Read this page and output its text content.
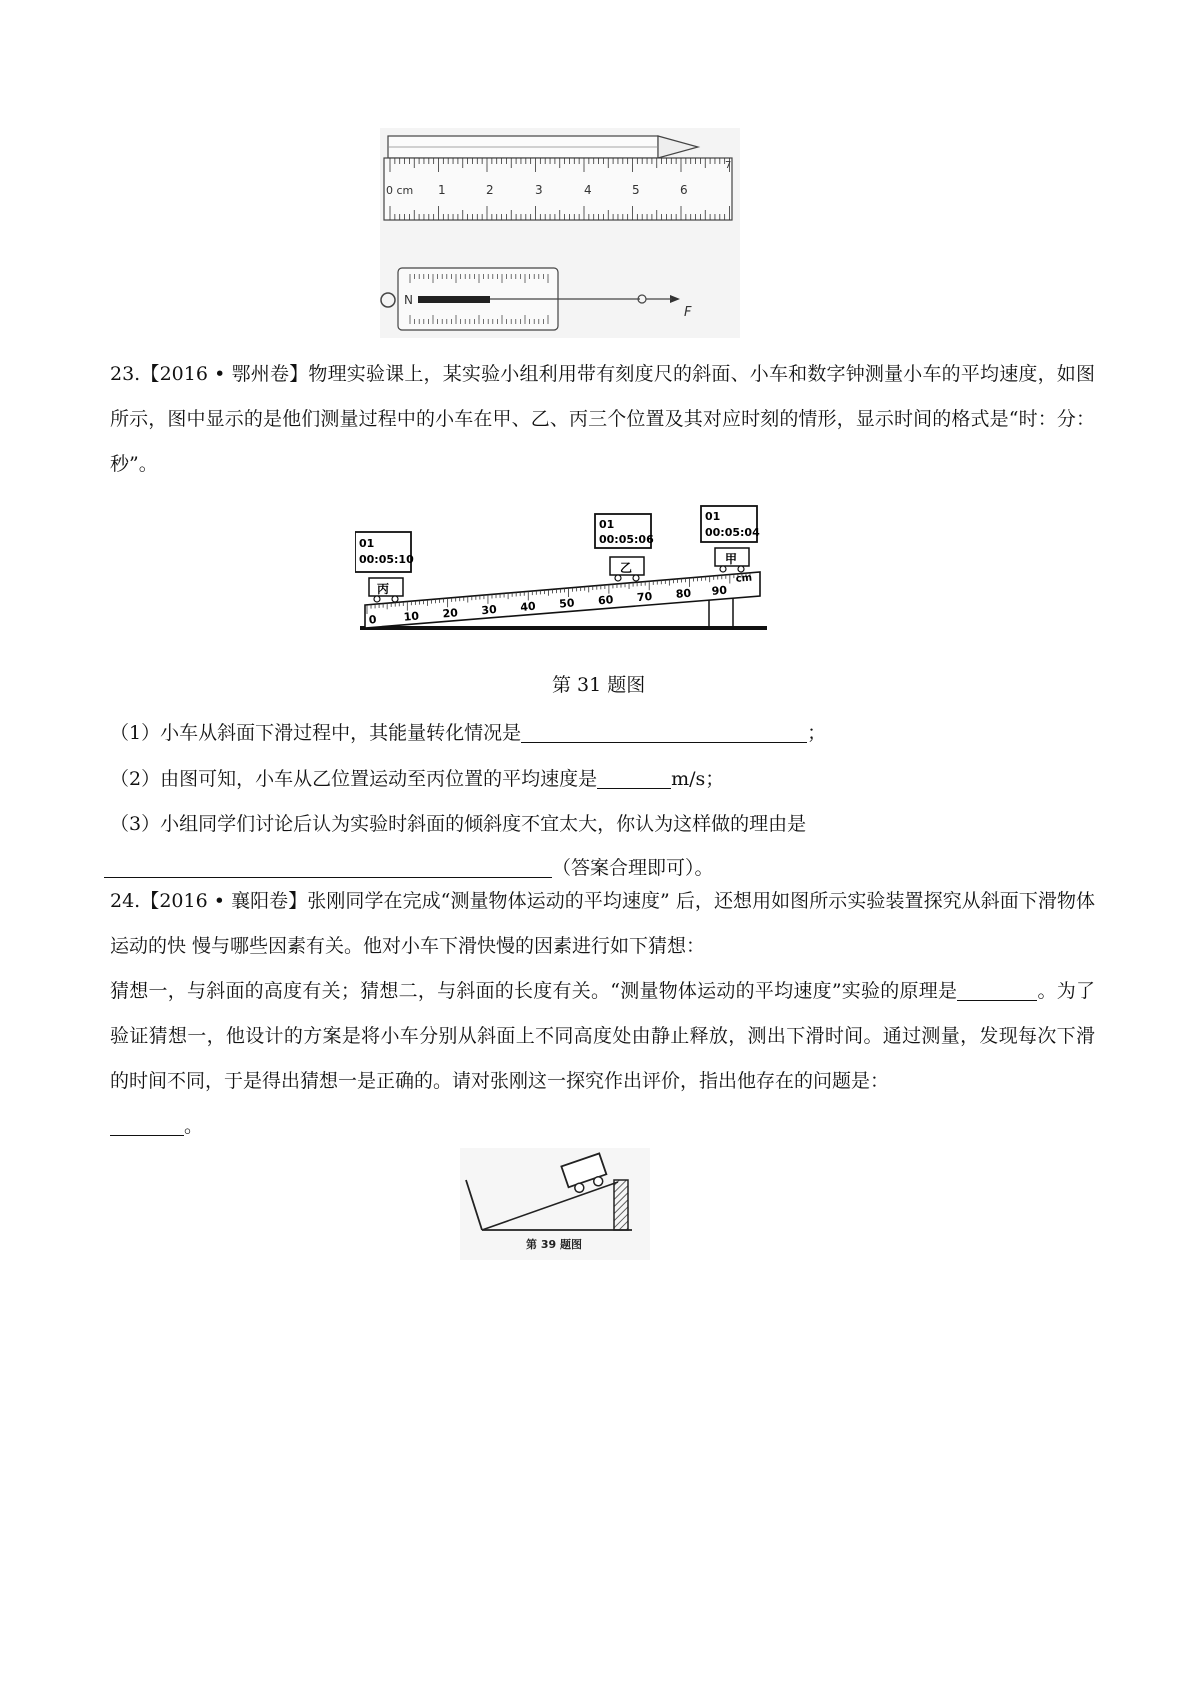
0 cm 1	2	3	4	5	6
7
N
F
23.【2016 • 鄂州卷】物理实验课上，某实验小组利用带有刻度尺的斜面、小车和数字钟测量小车的平均速度，如图所示，图中显示的是他们测量过程中的小车在甲、乙、丙三个位置及其对应时刻的情形，显示时间的格式是“时：分：秒”。
0 10 20 30 40 50 60 70 80 90
cm
丙
01
00:05:10
乙
01
00:05:06
甲
01
00:05:04
第 31 题图
（1）小车从斜面下滑过程中，其能量转化情况是	；
（2）由图可知，小车从乙位置运动至丙位置的平均速度是	m/s；
（3）小组同学们讨论后认为实验时斜面的倾斜度不宜太大，你认为这样做的理由是
（答案合理即可）。
24.【2016 • 襄阳卷】张刚同学在完成“测量物体运动的平均速度” 后，还想用如图所示实验装置探究从斜面下滑物体运动的快 慢与哪些因素有关。他对小车下滑快慢的因素进行如下猜想：
猜想一，与斜面的高度有关；猜想二，与斜面的长度有关。“测量物体运动的平均速度”实验的原理是	。为了验证猜想一，他设计的方案是将小车分别从斜面上不同高度处由静止释放，测出下滑时间。通过测量，发现每次下滑的时间不同，于是得出猜想一是正确的。请对张刚这一探究作出评价，指出他存在的问题是：
。
第 39 题图
